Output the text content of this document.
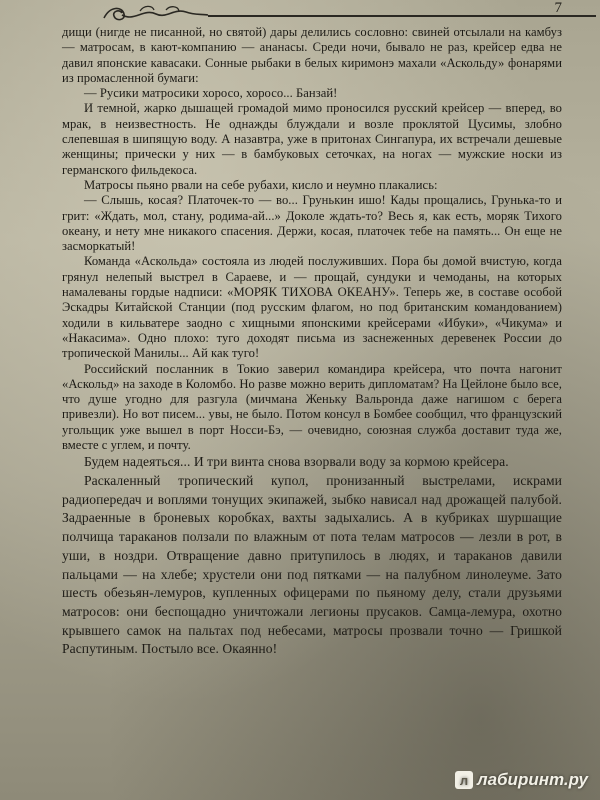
7

дищи (нигде не писанной, но святой) дары делились сословно: свиней отсылали на камбуз — матросам, в кают-компанию — ананасы. Среди ночи, бывало не раз, крейсер едва не давил японские кавасаки. Сонные рыбаки в белых киримонэ махали «Аскольду» фонарями из промасленной бумаги:

— Русики матросики хоросо, хоросо... Банзай!

И темной, жарко дышащей громадой мимо проносился русский крейсер — вперед, во мрак, в неизвестность. Не однажды блуждали и возле проклятой Цусимы, злобно слепевшая в шипящую воду. А назавтра, уже в притонах Сингапура, их встречали дешевые женщины; прически у них — в бамбуковых сеточках, на ногах — мужские носки из германского фильдекоса.

Матросы пьяно рвали на себе рубахи, кисло и неумно плакались:

— Слышь, косая? Платочек-то — во... Грунькин ишо! Кады прощались, Грунька-то и грит: «Ждать, мол, стану, родима-ай...» Доколе ждать-то? Весь я, как есть, моряк Тихого океану, и нету мне никакого спасения. Держи, косая, платочек тебе на память... Он еще не засморкатый!

Команда «Аскольда» состояла из людей послуживших. Пора бы домой вчистую, когда грянул нелепый выстрел в Сараеве, и — прощай, сундуки и чемоданы, на которых намалеваны гордые надписи: «МОРЯК ТИХОВА ОКЕАНУ». Теперь же, в составе особой Эскадры Китайской Станции (под русским флагом, но под британским командованием) ходили в кильватере заодно с хищными японскими крейсерами «Ибуки», «Чикума» и «Накасима». Одно плохо: туго доходят письма из заснеженных деревенек России до тропической Манилы... Ай как туго!

Российский посланник в Токио заверил командира крейсера, что почта нагонит «Аскольд» на заходе в Коломбо. Но разве можно верить дипломатам? На Цейлоне было все, что душе угодно для разгула (мичмана Женьку Вальронда даже нагишом с берега привезли). Но вот писем... увы, не было. Потом консул в Бомбее сообщил, что французский угольщик уже вышел в порт Носси-Бэ, — очевидно, союзная служба доставит туда же, вместе с углем, и почту.

Будем надеяться... И три винта снова взорвали воду за кормою крейсера.

Раскаленный тропический купол, пронизанный выстрелами, искрами радиопередач и воплями тонущих экипажей, зыбко нависал над дрожащей палубой. Задраенные в броневых коробках, вахты задыхались. А в кубриках шуршащие полчища тараканов ползали по влажным от пота телам матросов — лезли в рот, в уши, в ноздри. Отвращение давно притупилось в людях, и тараканов давили пальцами — на хлебе; хрустели они под пятками — на палубном линолеуме. Зато шесть обезьян-лемуров, купленных офицерами по пьяному делу, стали друзьями матросов: они беспощадно уничтожали легионы прусаков. Самца-лемура, охотно крывшего самок на пальтах под небесами, матросы прозвали точно — Гришкой Распутиным. Постыло все. Окаянно!

л лабиринт.ру
